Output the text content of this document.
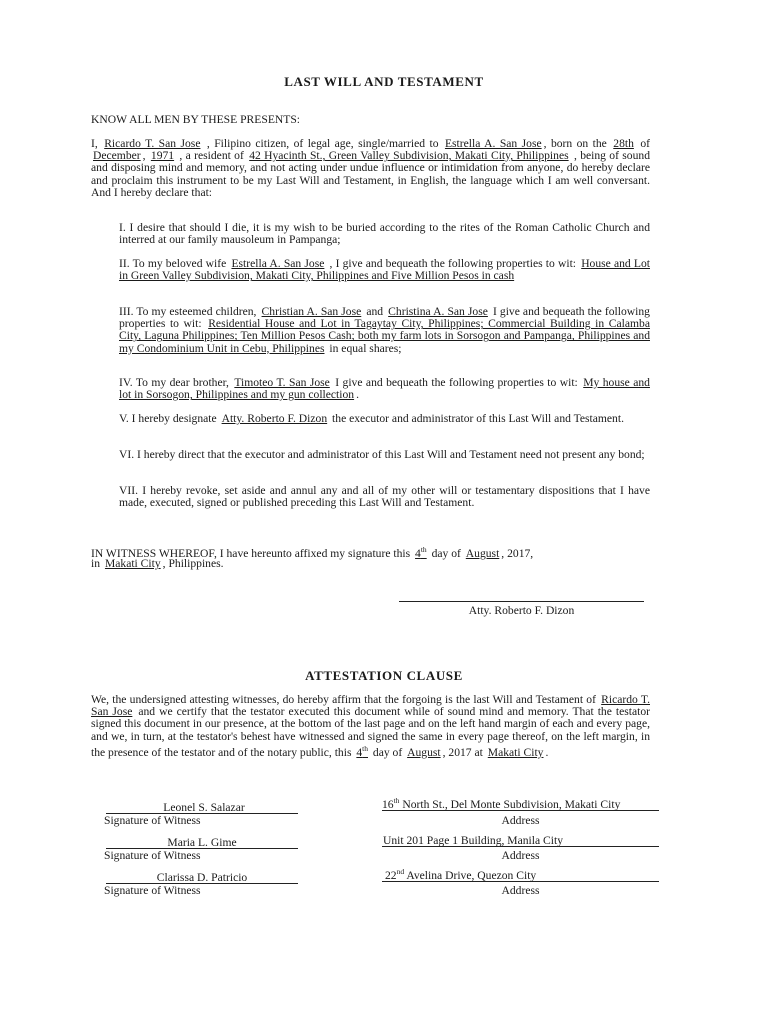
LAST WILL AND TESTAMENT
KNOW ALL MEN BY THESE PRESENTS:
I, Ricardo T. San Jose , Filipino citizen, of legal age, single/married to Estrella A. San Jose , born on the 28th of December , 1971 , a resident of 42 Hyacinth St., Green Valley Subdivision, Makati City, Philippines , being of sound and disposing mind and memory, and not acting under undue influence or intimidation from anyone, do hereby declare and proclaim this instrument to be my Last Will and Testament, in English, the language which I am well conversant. And I hereby declare that:
I. I desire that should I die, it is my wish to be buried according to the rites of the Roman Catholic Church and interred at our family mausoleum in Pampanga;
II. To my beloved wife Estrella A. San Jose , I give and bequeath the following properties to wit: House and Lot in Green Valley Subdivision, Makati City, Philippines and Five Million Pesos in cash
III. To my esteemed children, Christian A. San Jose and Christina A. San Jose I give and bequeath the following properties to wit: Residential House and Lot in Tagaytay City, Philippines; Commercial Building in Calamba City, Laguna Philippines; Ten Million Pesos Cash; both my farm lots in Sorsogon and Pampanga, Philippines and my Condominium Unit in Cebu, Philippines in equal shares;
IV. To my dear brother, Timoteo T. San Jose I give and bequeath the following properties to wit: My house and lot in Sorsogon, Philippines and my gun collection .
V. I hereby designate Atty. Roberto F. Dizon the executor and administrator of this Last Will and Testament.
VI. I hereby direct that the executor and administrator of this Last Will and Testament need not present any bond;
VII. I hereby revoke, set aside and annul any and all of my other will or testamentary dispositions that I have made, executed, signed or published preceding this Last Will and Testament.
IN WITNESS WHEREOF, I have hereunto affixed my signature this 4th day of August , 2017,
in Makati City , Philippines.
Atty. Roberto F. Dizon
ATTESTATION CLAUSE
We, the undersigned attesting witnesses, do hereby affirm that the forgoing is the last Will and Testament of Ricardo T. San Jose and we certify that the testator executed this document while of sound mind and memory. That the testator signed this document in our presence, at the bottom of the last page and on the left hand margin of each and every page, and we, in turn, at the testator's behest have witnessed and signed the same in every page thereof, on the left margin, in the presence of the testator and of the notary public, this 4th day of August , 2017 at Makati City .
Leonel S. Salazar
Signature of Witness
16th North St., Del Monte Subdivision, Makati City
Address
Maria L. Gime
Signature of Witness
Unit 201 Page 1 Building, Manila City
Address
Clarissa D. Patricio
Signature of Witness
22nd Avelina Drive, Quezon City
Address
